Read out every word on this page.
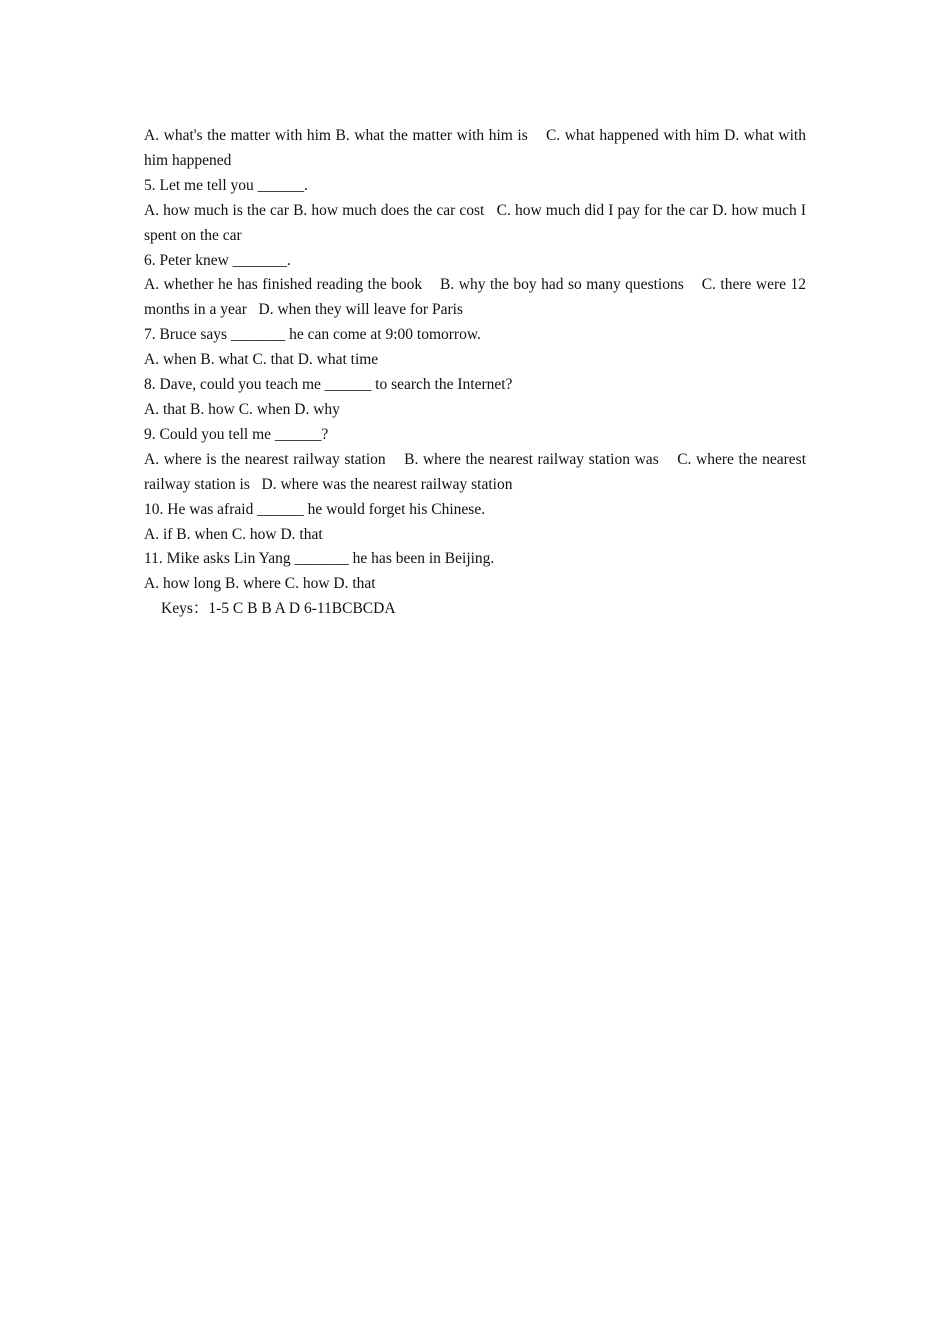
A. what's the matter with him B. what the matter with him is    C. what happened with him D. what with him happened

5. Let me tell you ______.

A. how much is the car B. how much does the car cost   C. how much did I pay for the car D. how much I spent on the car

6. Peter knew _______.

A. whether he has finished reading the book    B. why the boy had so many questions    C. there were 12 months in a year   D. when they will leave for Paris

7. Bruce says _______ he can come at 9:00 tomorrow.

A. when B. what C. that D. what time

8. Dave, could you teach me ______ to search the Internet?

A. that B. how C. when D. why

9. Could you tell me ______?

A. where is the nearest railway station    B. where the nearest railway station was    C. where the nearest railway station is   D. where was the nearest railway station

10. He was afraid ______ he would forget his Chinese.

A. if B. when C. how D. that

11. Mike asks Lin Yang _______ he has been in Beijing.

A. how long B. where C. how D. that

Keys：1-5 C B B A D 6-11BCBCDA
